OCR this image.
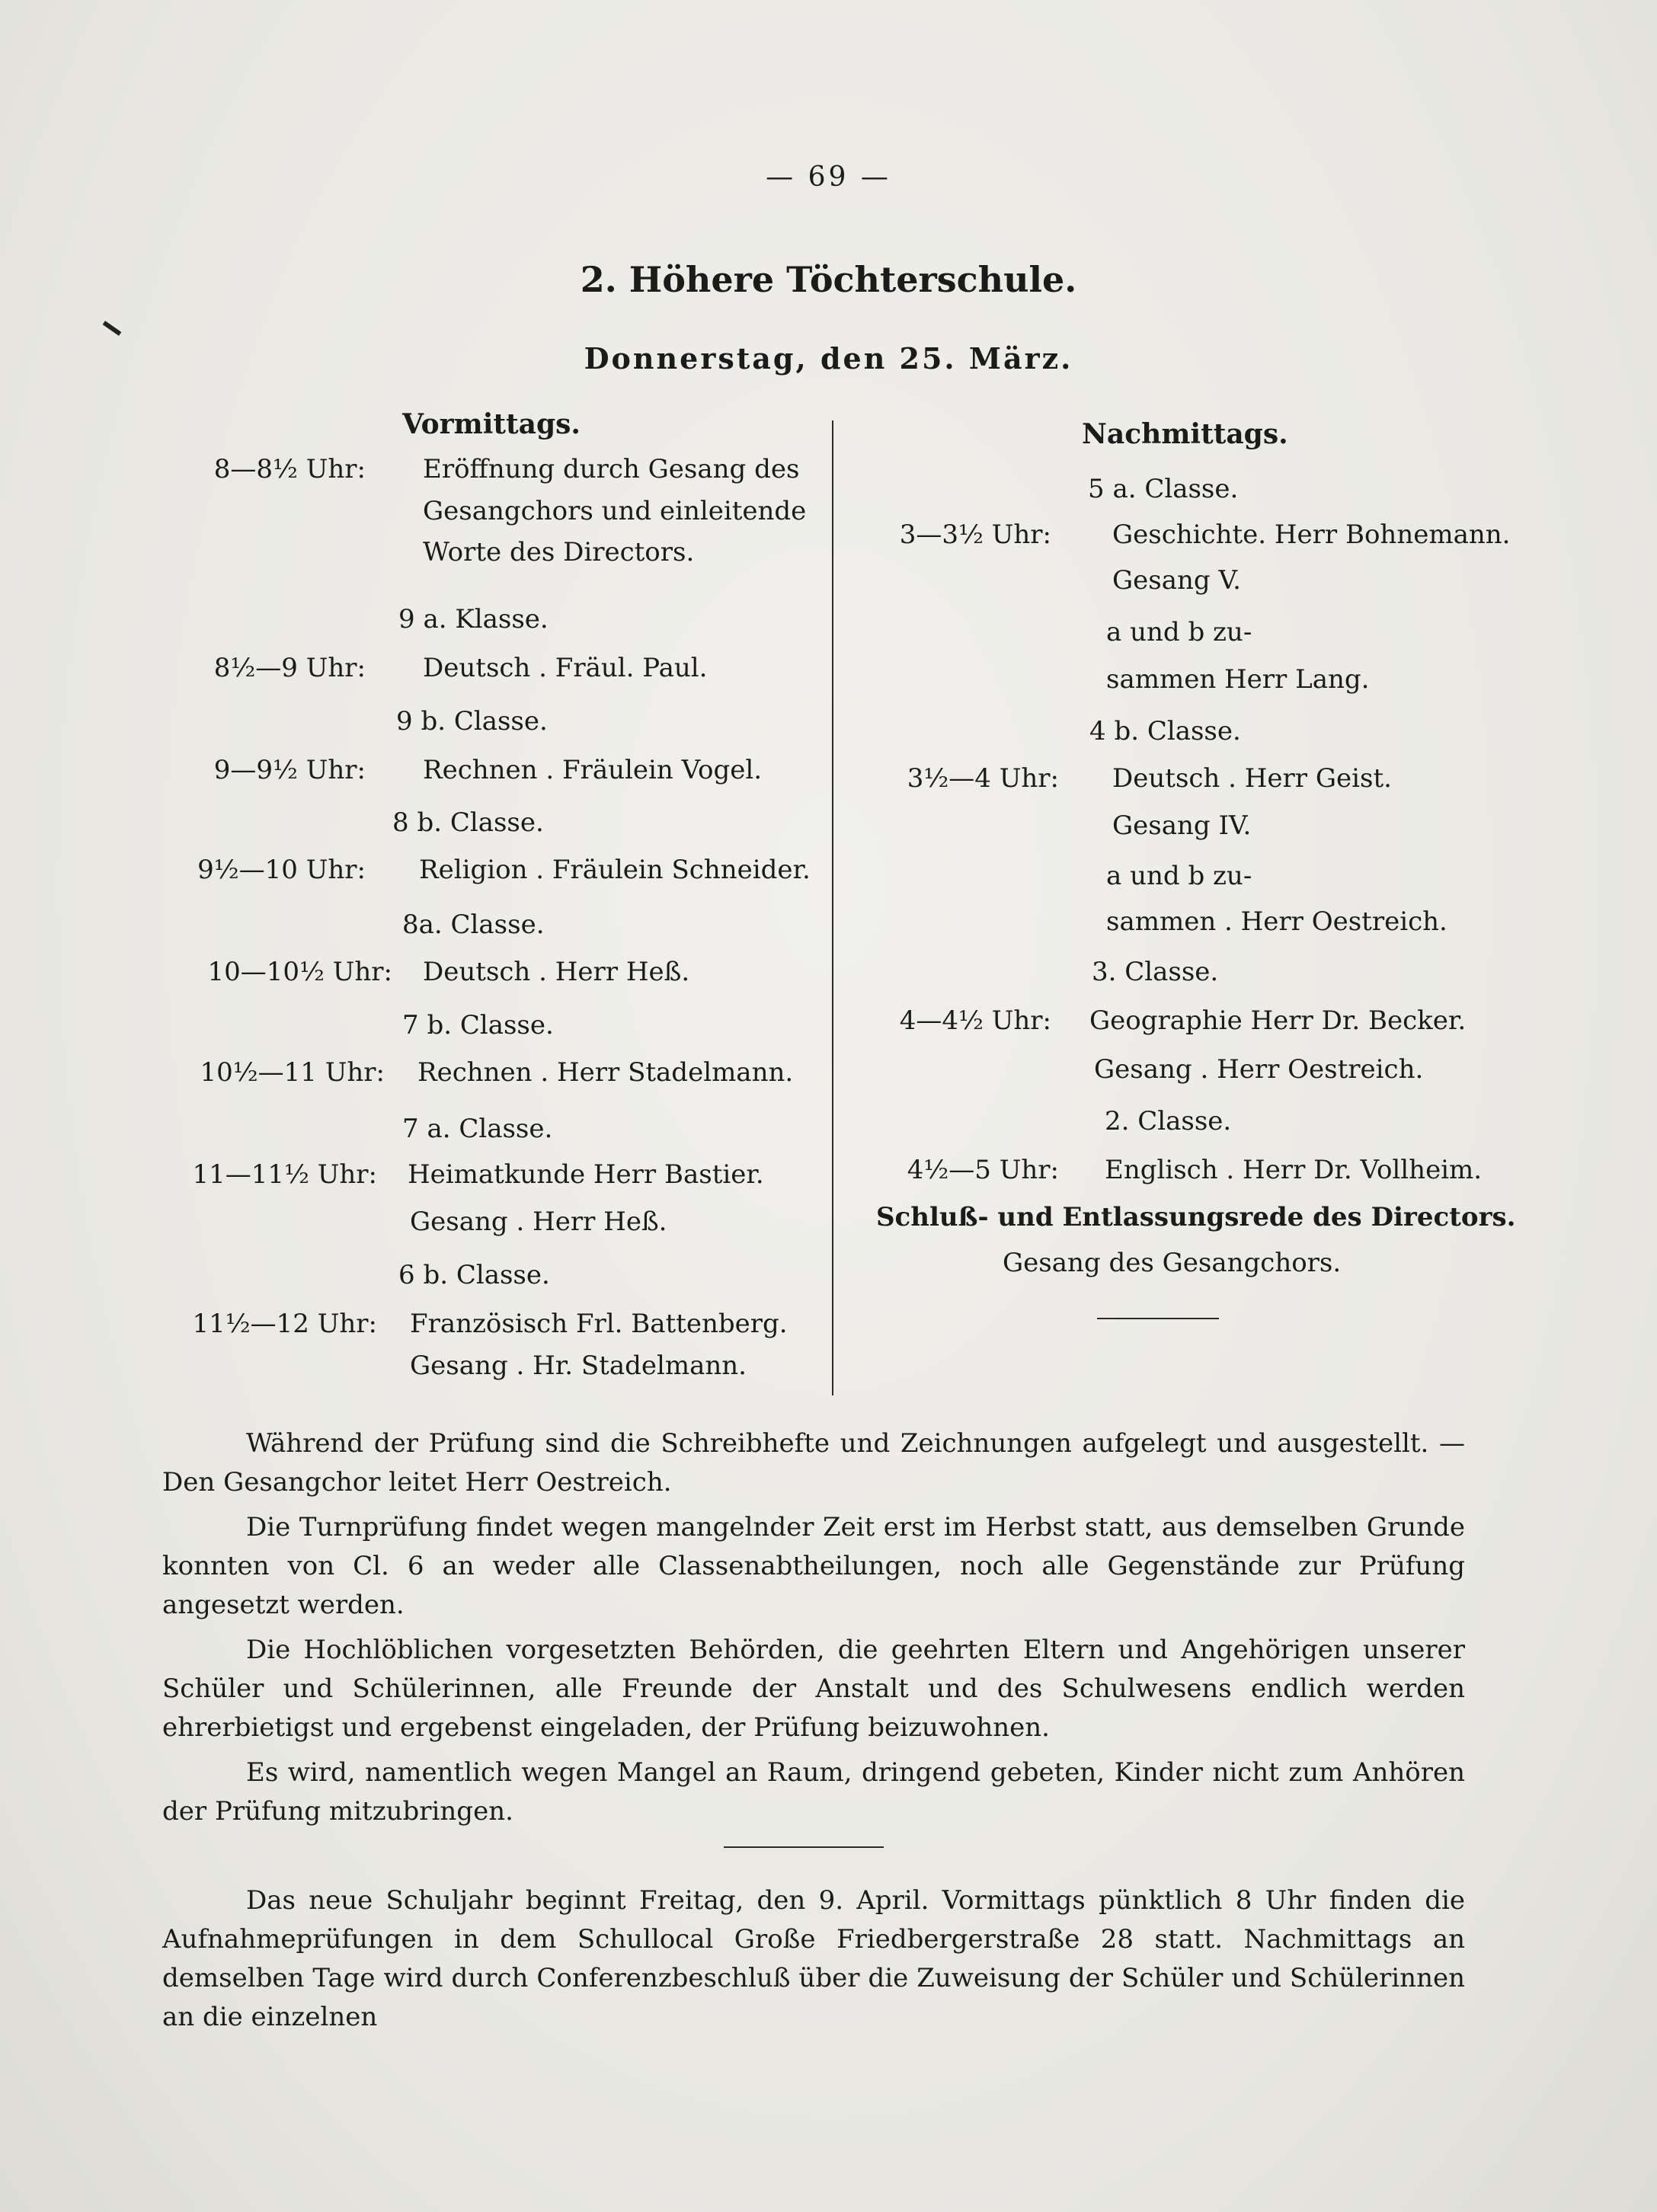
— 69 —
2. Höhere Töchterschule.
Donnerstag, den 25. März.
Vormittags.
8—8½ Uhr: Eröffnung durch Gesang des
Gesangchors und einleitende
Worte des Directors.
9 a. Klasse.
8½—9 Uhr: Deutsch . Fräul. Paul.
9 b. Classe.
9—9½ Uhr: Rechnen . Fräulein Vogel.
8 b. Classe.
9½—10 Uhr: Religion . Fräulein Schneider.
8a. Classe.
10—10½ Uhr: Deutsch . Herr Heß.
7 b. Classe.
10½—11 Uhr: Rechnen . Herr Stadelmann.
7 a. Classe.
11—11½ Uhr: Heimatkunde Herr Bastier.
Gesang . Herr Heß.
6 b. Classe.
11½—12 Uhr: Französisch Frl. Battenberg.
Gesang . Hr. Stadelmann.
Nachmittags.
5 a. Classe.
3—3½ Uhr: Geschichte. Herr Bohnemann.
Gesang V.
a und b zu-
sammen Herr Lang.
4 b. Classe.
3½—4 Uhr: Deutsch . Herr Geist.
Gesang IV.
a und b zu-
sammen . Herr Oestreich.
3. Classe.
4—4½ Uhr: Geographie Herr Dr. Becker.
Gesang . Herr Oestreich.
2. Classe.
4½—5 Uhr: Englisch . Herr Dr. Vollheim.
Schluß- und Entlassungsrede des Directors.
Gesang des Gesangchors.

Während der Prüfung sind die Schreibhefte und Zeichnungen aufgelegt und ausgestellt. — Den Gesangchor leitet Herr Oestreich.

Die Turnprüfung findet wegen mangelnder Zeit erst im Herbst statt, aus demselben Grunde konnten von Cl. 6 an weder alle Classenabtheilungen, noch alle Gegenstände zur Prüfung angesetzt werden.

Die Hochlöblichen vorgesetzten Behörden, die geehrten Eltern und Angehörigen unserer Schüler und Schülerinnen, alle Freunde der Anstalt und des Schulwesens endlich werden ehrerbietigst und ergebenst eingeladen, der Prüfung beizuwohnen.

Es wird, namentlich wegen Mangel an Raum, dringend gebeten, Kinder nicht zum Anhören der Prüfung mitzubringen.

Das neue Schuljahr beginnt Freitag, den 9. April. Vormittags pünktlich 8 Uhr finden die Aufnahmeprüfungen in dem Schullocal Große Friedbergerstraße 28 statt. Nachmittags an demselben Tage wird durch Conferenzbeschluß über die Zuweisung der Schüler und Schülerinnen an die einzelnen
